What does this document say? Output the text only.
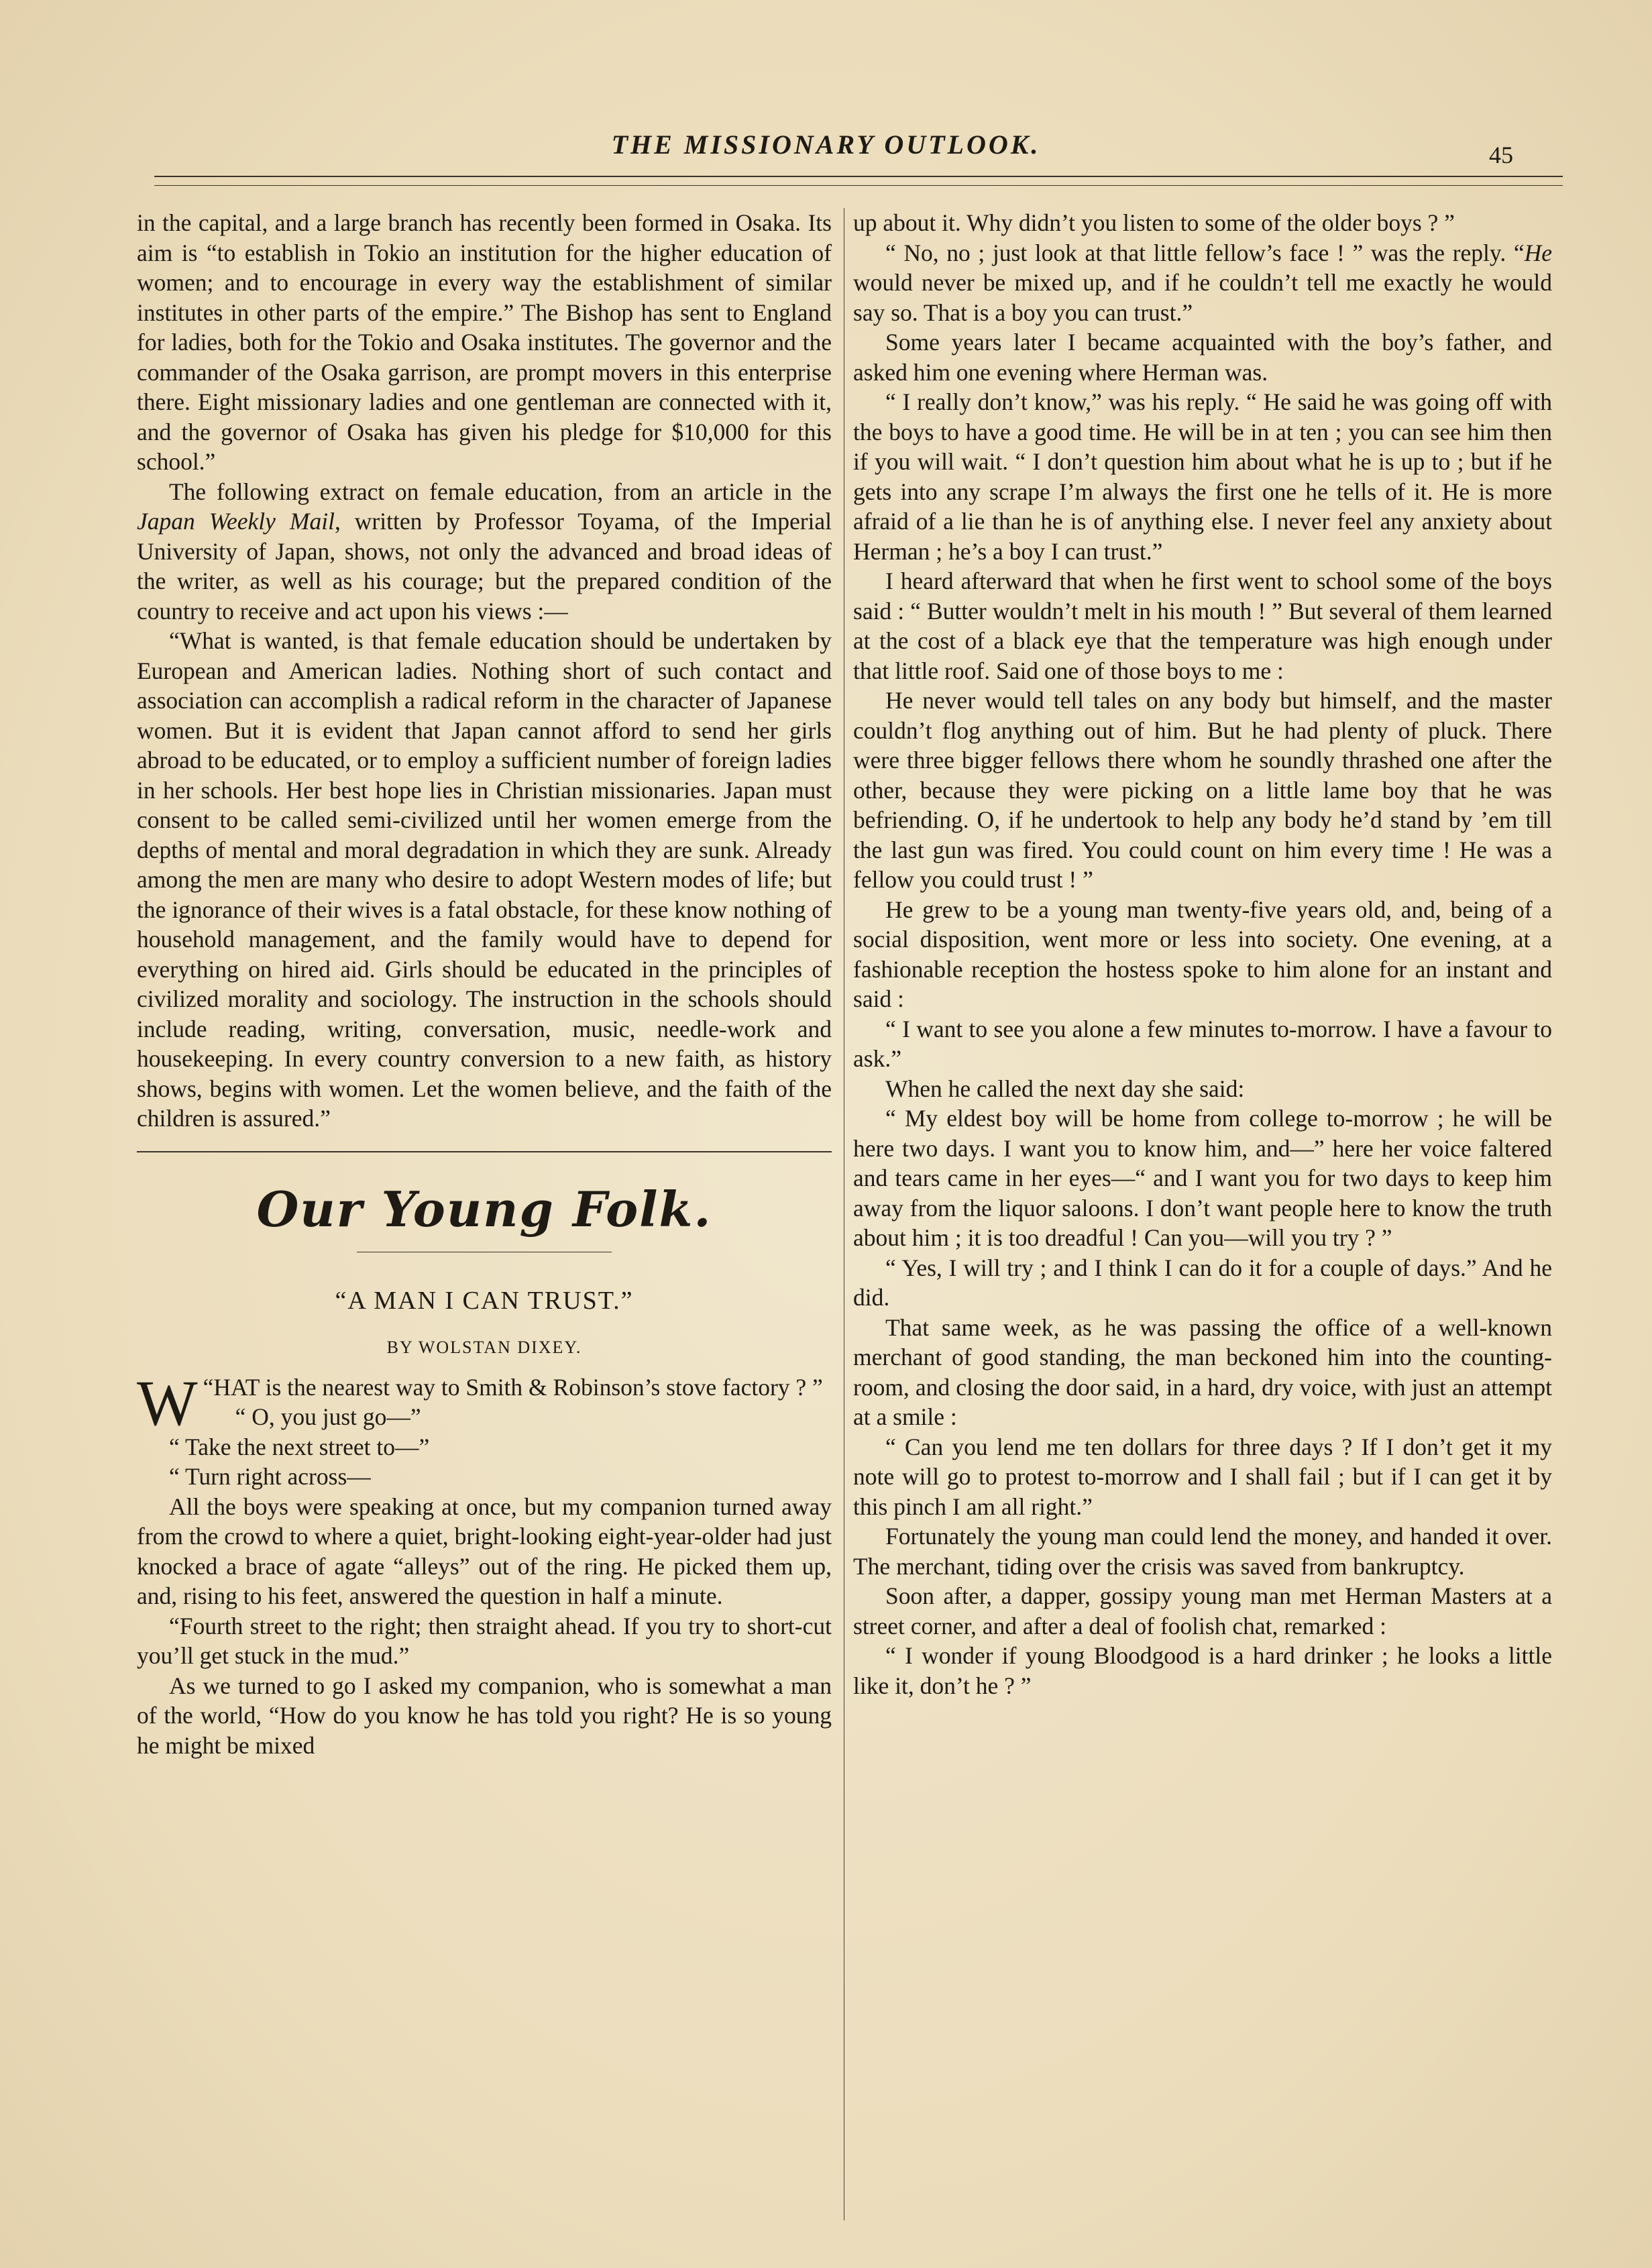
THE MISSIONARY OUTLOOK.	45

in the capital, and a large branch has recently been formed in Osaka. Its aim is “to establish in Tokio an institution for the higher education of women; and to encourage in every way the establishment of similar institutes in other parts of the empire.” The Bishop has sent to England for ladies, both for the Tokio and Osaka institutes. The governor and the commander of the Osaka garrison, are prompt movers in this enterprise there. Eight missionary ladies and one gentleman are connected with it, and the governor of Osaka has given his pledge for $10,000 for this school.”

The following extract on female education, from an article in the Japan Weekly Mail, written by Professor Toyama, of the Imperial University of Japan, shows, not only the advanced and broad ideas of the writer, as well as his courage; but the prepared condition of the country to receive and act upon his views :—

“What is wanted, is that female education should be undertaken by European and American ladies. Nothing short of such contact and association can accomplish a radical reform in the character of Japanese women. But it is evident that Japan cannot afford to send her girls abroad to be educated, or to employ a sufficient number of foreign ladies in her schools. Her best hope lies in Christian missionaries. Japan must consent to be called semi-civilized until her women emerge from the depths of mental and moral degradation in which they are sunk. Already among the men are many who desire to adopt Western modes of life; but the ignorance of their wives is a fatal obstacle, for these know nothing of household management, and the family would have to depend for everything on hired aid. Girls should be educated in the principles of civilized morality and sociology. The instruction in the schools should include reading, writing, conversation, music, needle-work and housekeeping. In every country conversion to a new faith, as history shows, begins with women. Let the women believe, and the faith of the children is assured.”

Our Young Folk.
“A MAN I CAN TRUST.”
BY WOLSTAN DIXEY.

“
W HAT is the nearest way to Smith & Robinson’s stove factory ? ”

“ O, you just go—”

“ Take the next street to—”

“ Turn right across—

All the boys were speaking at once, but my companion turned away from the crowd to where a quiet, bright-looking eight-year-older had just knocked a brace of agate “alleys” out of the ring. He picked them up, and, rising to his feet, answered the question in half a minute.

“Fourth street to the right; then straight ahead. If you try to short-cut you’ll get stuck in the mud.”

As we turned to go I asked my companion, who is somewhat a man of the world, “How do you know he has told you right? He is so young he might be mixed

up about it. Why didn’t you listen to some of the older boys ? ”

“ No, no ; just look at that little fellow’s face ! ” was the reply. “He would never be mixed up, and if he couldn’t tell me exactly he would say so. That is a boy you can trust.”

Some years later I became acquainted with the boy’s father, and asked him one evening where Herman was.

“ I really don’t know,” was his reply. “ He said he was going off with the boys to have a good time. He will be in at ten ; you can see him then if you will wait. “ I don’t question him about what he is up to ; but if he gets into any scrape I’m always the first one he tells of it. He is more afraid of a lie than he is of anything else. I never feel any anxiety about Herman ; he’s a boy I can trust.”

I heard afterward that when he first went to school some of the boys said : “ Butter wouldn’t melt in his mouth ! ” But several of them learned at the cost of a black eye that the temperature was high enough under that little roof. Said one of those boys to me :

He never would tell tales on any body but himself, and the master couldn’t flog anything out of him. But he had plenty of pluck. There were three bigger fellows there whom he soundly thrashed one after the other, because they were picking on a little lame boy that he was befriending. O, if he undertook to help any body he’d stand by ’em till the last gun was fired. You could count on him every time ! He was a fellow you could trust ! ”

He grew to be a young man twenty-five years old, and, being of a social disposition, went more or less into society. One evening, at a fashionable reception the hostess spoke to him alone for an instant and said :

“ I want to see you alone a few minutes to-morrow. I have a favour to ask.”

When he called the next day she said:

“ My eldest boy will be home from college to-morrow ; he will be here two days. I want you to know him, and—” here her voice faltered and tears came in her eyes—“ and I want you for two days to keep him away from the liquor saloons. I don’t want people here to know the truth about him ; it is too dreadful ! Can you—will you try ? ”

“ Yes, I will try ; and I think I can do it for a couple of days.” And he did.

That same week, as he was passing the office of a well-known merchant of good standing, the man beckoned him into the counting-room, and closing the door said, in a hard, dry voice, with just an attempt at a smile :

“ Can you lend me ten dollars for three days ? If I don’t get it my note will go to protest to-morrow and I shall fail ; but if I can get it by this pinch I am all right.”

Fortunately the young man could lend the money, and handed it over. The merchant, tiding over the crisis was saved from bankruptcy.

Soon after, a dapper, gossipy young man met Herman Masters at a street corner, and after a deal of foolish chat, remarked :

“ I wonder if young Bloodgood is a hard drinker ; he looks a little like it, don’t he ? ”
